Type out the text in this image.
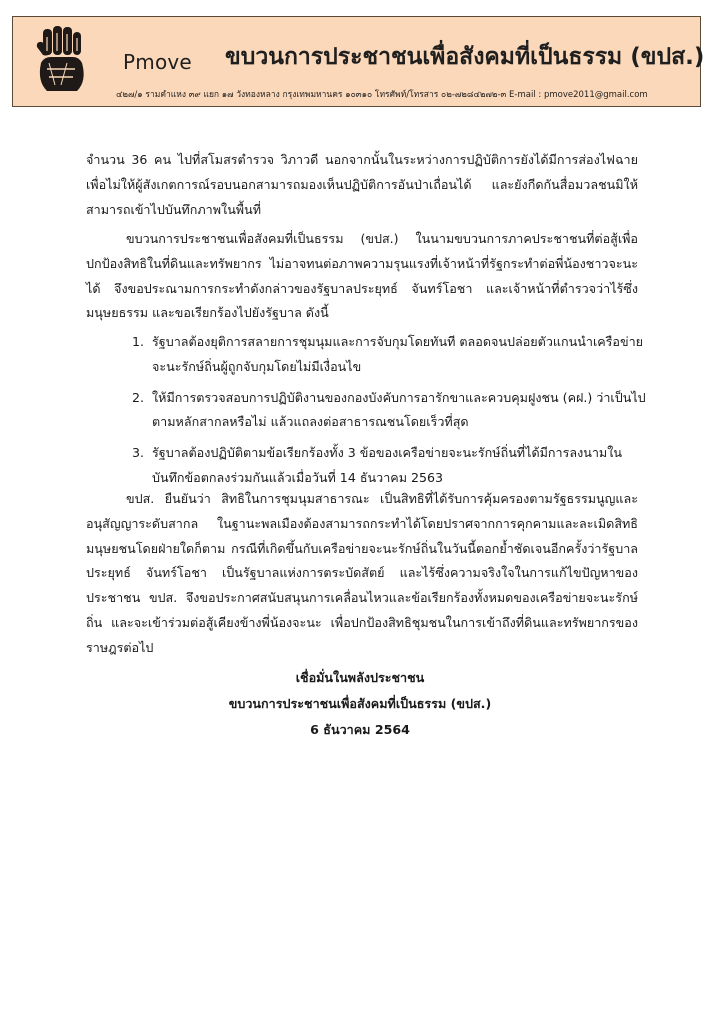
Pmove ขบวนการประชาชนเพื่อสังคมที่เป็นธรรม (ขปส.)
๔๒๗/๑ รามคำแหง ๓๙ แยก ๑๗ วังทองหลาง กรุงเทพมหานคร ๑๐๓๑๐ โทรศัพท์/โทรสาร ๐๒-๗๒๘๔๒๗๒-๓ E-mail : pmove2011@gmail.com

จำนวน 36 คน ไปที่สโมสรตำรวจ วิภาวดี นอกจากนั้นในระหว่างการปฏิบัติการยังได้มีการส่องไฟฉายเพื่อไม่ให้ผู้สังเกตการณ์รอบนอกสามารถมองเห็นปฏิบัติการอันป่าเถื่อนได้ และยังกีดกันสื่อมวลชนมิให้สามารถเข้าไปบันทึกภาพในพื้นที่

ขบวนการประชาชนเพื่อสังคมที่เป็นธรรม (ขปส.) ในนามขบวนการภาคประชาชนที่ต่อสู้เพื่อปกป้องสิทธิในที่ดินและทรัพยากร ไม่อาจทนต่อภาพความรุนแรงที่เจ้าหน้าที่รัฐกระทำต่อพี่น้องชาวจะนะได้ จึงขอประณามการกระทำดังกล่าวของรัฐบาลประยุทธ์ จันทร์โอชา และเจ้าหน้าที่ตำรวจว่าไร้ซึ่งมนุษยธรรม และขอเรียกร้องไปยังรัฐบาล ดังนี้

1. รัฐบาลต้องยุติการสลายการชุมนุมและการจับกุมโดยทันที ตลอดจนปล่อยตัวแกนนำเครือข่ายจะนะรักษ์ถิ่นผู้ถูกจับกุมโดยไม่มีเงื่อนไข
2. ให้มีการตรวจสอบการปฏิบัติงานของกองบังคับการอารักขาและควบคุมฝูงชน (คฝ.) ว่าเป็นไปตามหลักสากลหรือไม่ แล้วแถลงต่อสาธารณชนโดยเร็วที่สุด
3. รัฐบาลต้องปฏิบัติตามข้อเรียกร้องทั้ง 3 ข้อของเครือข่ายจะนะรักษ์ถิ่นที่ได้มีการลงนามในบันทึกข้อตกลงร่วมกันแล้วเมื่อวันที่ 14 ธันวาคม 2563

ขปส. ยืนยันว่า สิทธิในการชุมนุมสาธารณะ เป็นสิทธิที่ได้รับการคุ้มครองตามรัฐธรรมนูญและอนุสัญญาระดับสากล ในฐานะพลเมืองต้องสามารถกระทำได้โดยปราศจากการคุกคามและละเมิดสิทธิมนุษยชนโดยฝ่ายใดก็ตาม กรณีที่เกิดขึ้นกับเครือข่ายจะนะรักษ์ถิ่นในวันนี้ตอกย้ำชัดเจนอีกครั้งว่ารัฐบาลประยุทธ์ จันทร์โอชา เป็นรัฐบาลแห่งการตระบัดสัตย์ และไร้ซึ่งความจริงใจในการแก้ไขปัญหาของประชาชน ขปส. จึงขอประกาศสนับสนุนการเคลื่อนไหวและข้อเรียกร้องทั้งหมดของเครือข่ายจะนะรักษ์ถิ่น และจะเข้าร่วมต่อสู้เคียงข้างพี่น้องจะนะ เพื่อปกป้องสิทธิชุมชนในการเข้าถึงที่ดินและทรัพยากรของราษฎรต่อไป

เชื่อมั่นในพลังประชาชน
ขบวนการประชาชนเพื่อสังคมที่เป็นธรรม (ขปส.)
6 ธันวาคม 2564
